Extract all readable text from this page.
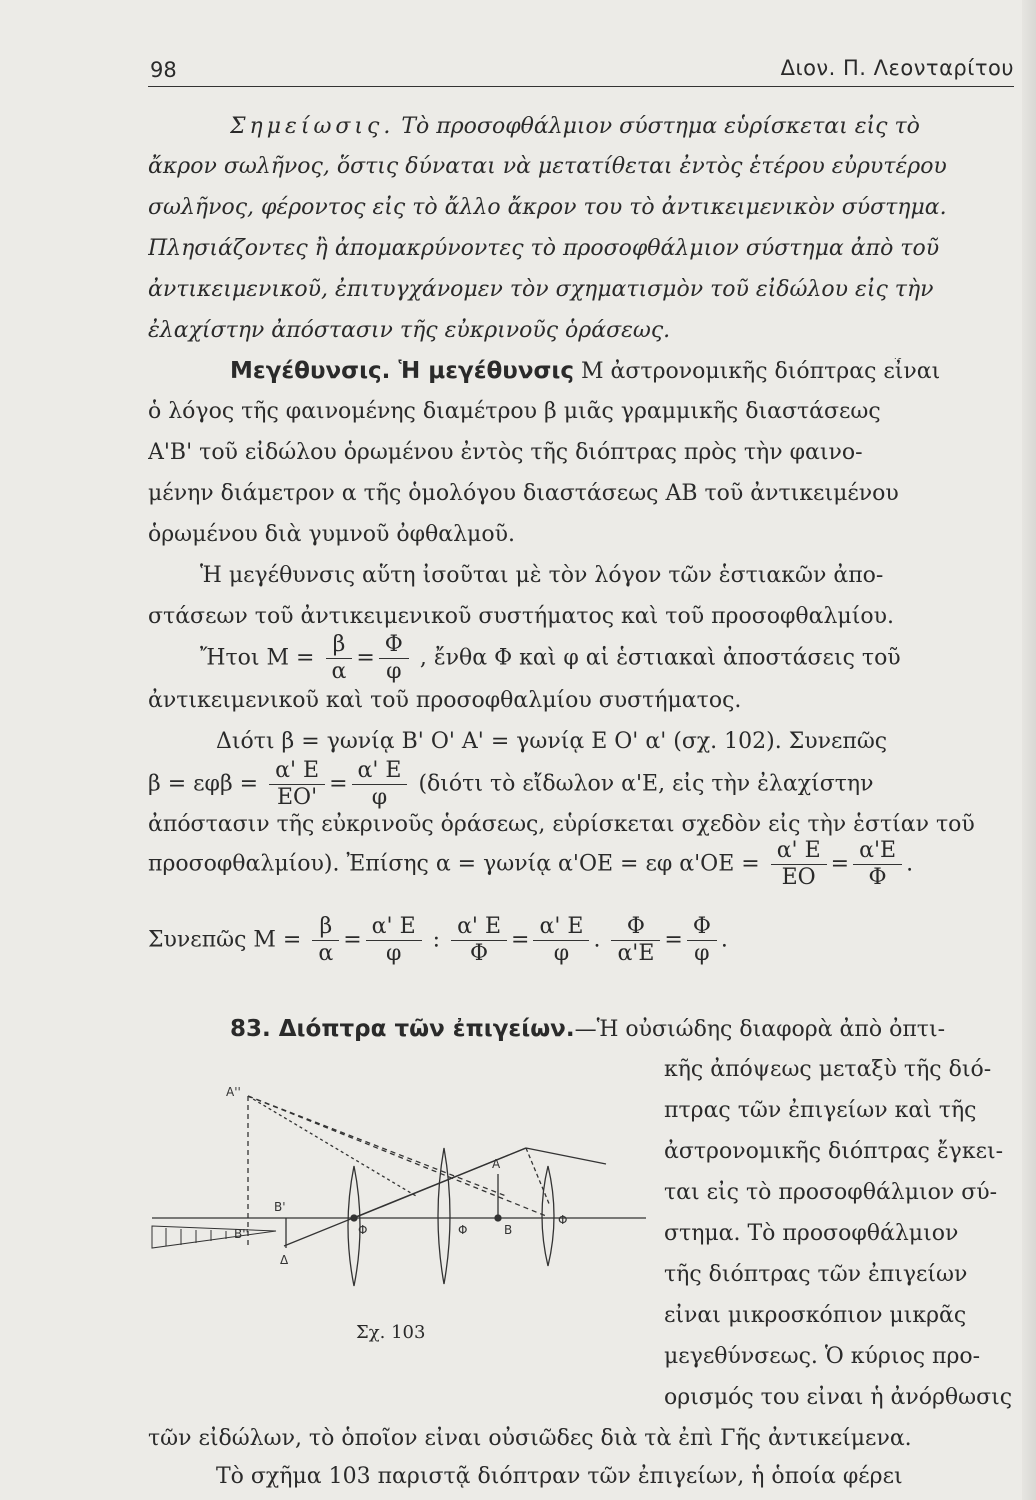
98	Διον. Π. Λεονταρίτου
Σημείωσις. Τὸ προσοφθάλμιον σύστημα εὑρίσκεται εἰς τὸ
ἄκρον σωλῆνος, ὅστις δύναται νὰ μετατίθεται ἐντὸς ἑτέρου εὐρυτέρου
σωλῆνος, φέροντος εἰς τὸ ἄλλο ἄκρον του τὸ ἀντικειμενικὸν σύστημα.
Πλησιάζοντες ἢ ἀπομακρύνοντες τὸ προσοφθάλμιον σύστημα ἀπὸ τοῦ
ἀντικειμενικοῦ, ἐπιτυγχάνομεν τὸν σχηματισμὸν τοῦ εἰδώλου εἰς τὴν
ἐλαχίστην ἀπόστασιν τῆς εὐκρινοῦς ὁράσεως.
Μεγέθυνσις. Ἡ μεγέθυνσις Μ ἀστρονομικῆς διόπτρας εἶναι
ὁ λόγος τῆς φαινομένης διαμέτρου β μιᾶς γραμμικῆς διαστάσεως
Α'Β' τοῦ εἰδώλου ὁρωμένου ἐντὸς τῆς διόπτρας πρὸς τὴν φαινο-
μένην διάμετρον α τῆς ὁμολόγου διαστάσεως ΑΒ τοῦ ἀντικειμένου
ὁρωμένου διὰ γυμνοῦ ὀφθαλμοῦ.
Ἡ μεγέθυνσις αὕτη ἰσοῦται μὲ τὸν λόγον τῶν ἑστιακῶν ἀπο-
στάσεων τοῦ ἀντικειμενικοῦ συστήματος καὶ τοῦ προσοφθαλμίου.
Ἤτοι $M = \frac{\beta}{\alpha} = \frac{\Phi}{\varphi}$ , ἔνθα Φ καὶ φ αἱ ἑστιακαὶ ἀποστάσεις τοῦ
ἀντικειμενικοῦ καὶ τοῦ προσοφθαλμίου συστήματος.
Διότι β = γωνίᾳ Β' Ο' Α' = γωνίᾳ Ε Ο' α' (σχ. 102). Συνεπῶς
$\beta = \varepsilon\varphi\beta = \frac{\alpha' E}{EO'} = \frac{\alpha' E}{\varphi} (\delta\iota ό\tau\iota$ τὸ εἴδωλον α'Ε, εἰς τὴν ἐλαχίστην
ἀπόστασιν τῆς εὐκρινοῦς ὁράσεως, εὑρίσκεται σχεδὸν εἰς τὴν ἑστίαν τοῦ
προσοφθαλμίου). Ἐπίσης α = γωνίᾳ α'ΟΕ = εφ $\alpha'OE = \frac{\alpha' E}{EO} = \frac{\alpha'E}{\Phi}$ .
Συνεπῶς $M = \frac{\beta}{\alpha} = \frac{\alpha' E}{\varphi}$ : $\frac{\alpha' E}{\Phi} = \frac{\alpha' E}{\varphi}$ . $\frac{\Phi}{\alpha'E} = \frac{\Phi}{\varphi}$ .
83. Διόπτρα τῶν ἐπιγείων.—Ἡ οὐσιώδης διαφορὰ ἀπὸ ὀπτι-
κῆς ἀπόψεως μεταξὺ τῆς διό-
πτρας τῶν ἐπιγείων καὶ τῆς
ἀστρονομικῆς διόπτρας ἔγκει-
ται εἰς τὸ προσοφθάλμιον σύ-
στημα. Τὸ προσοφθάλμιον
τῆς διόπτρας τῶν ἐπιγείων
εἶναι μικροσκόπιον μικρᾶς
μεγεθύνσεως. Ὁ κύριος προ-
ορισμός του εἶναι ἡ ἀνόρθωσις
τῶν εἰδώλων, τὸ ὁποῖον εἶναι οὐσιῶδες διὰ τὰ ἐπὶ Γῆς ἀντικείμενα.
Τὸ σχῆμα 103 παριστᾷ διόπτραν τῶν ἐπιγείων, ἡ ὁποία φέρει
A''
B'
B''
A
B
Φ	Φ
Φ
Δ
Σχ. 103
